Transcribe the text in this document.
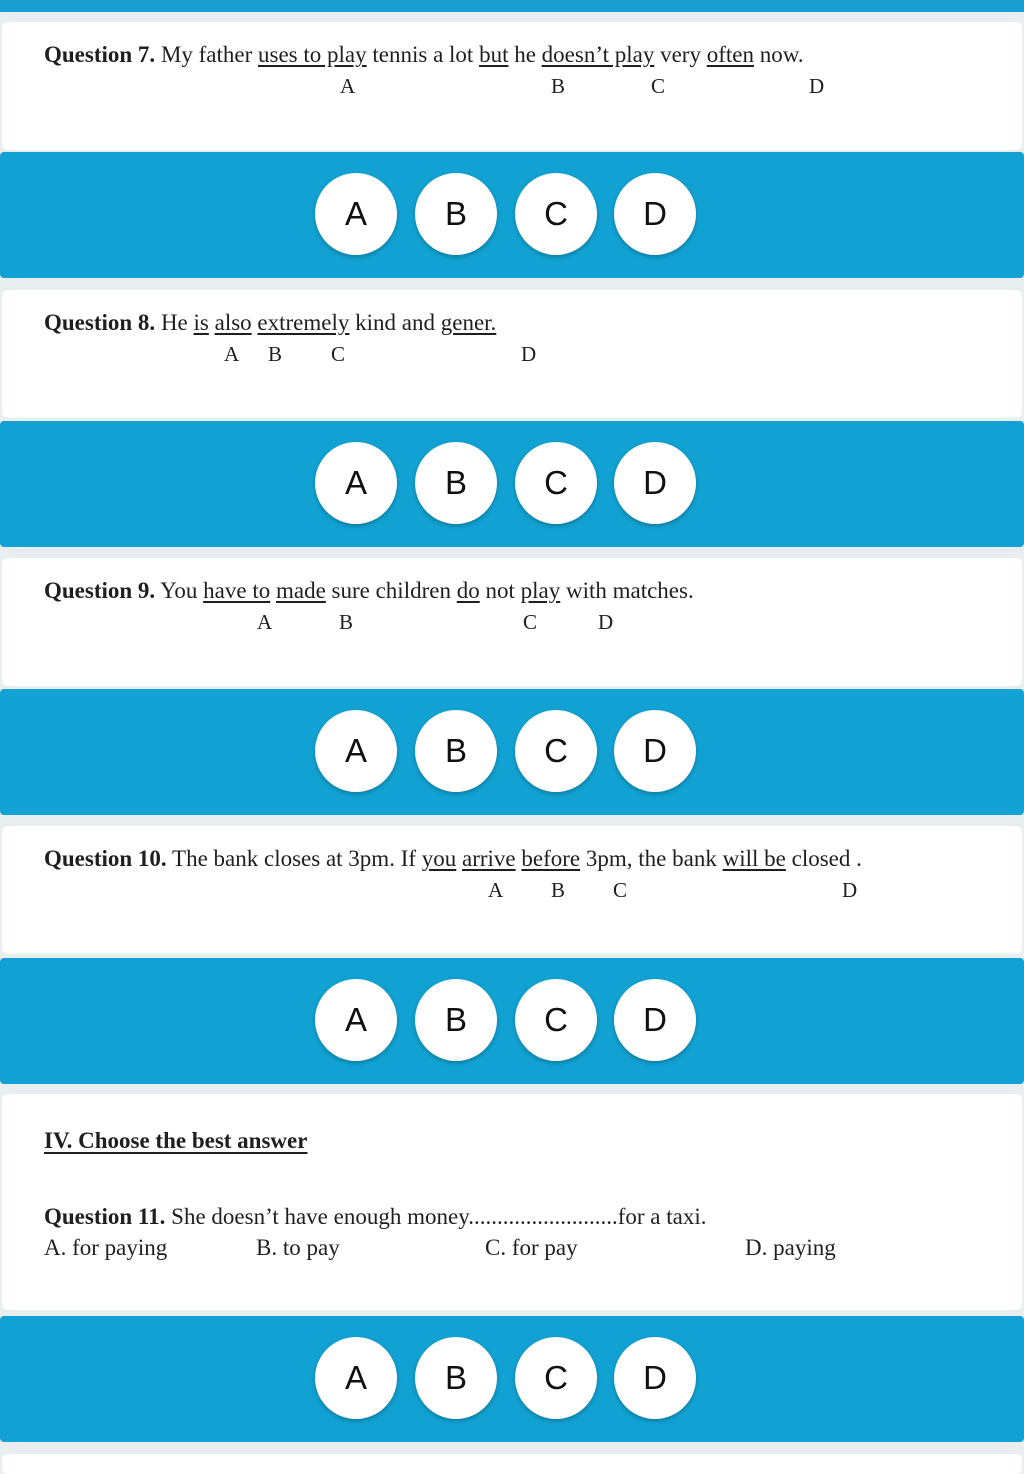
Question 7. My father uses to play tennis a lot but he doesn’t play very often now.
A	B	C	D
A	B	C	D
Question 8. He is also extremely kind and gener.
A B C	D
A	B	C	D
Question 9. You have to made sure children do not play with matches.
A	B	C	D
A	B	C	D
Question 10. The bank closes at 3pm. If you arrive before 3pm, the bank will be closed .
A B C	D
A	B	C	D
IV. Choose the best answer
Question 11. She doesn’t have enough money..........................for a taxi.
A. for paying	B. to pay	C. for pay	D. paying
A	B	C	D
